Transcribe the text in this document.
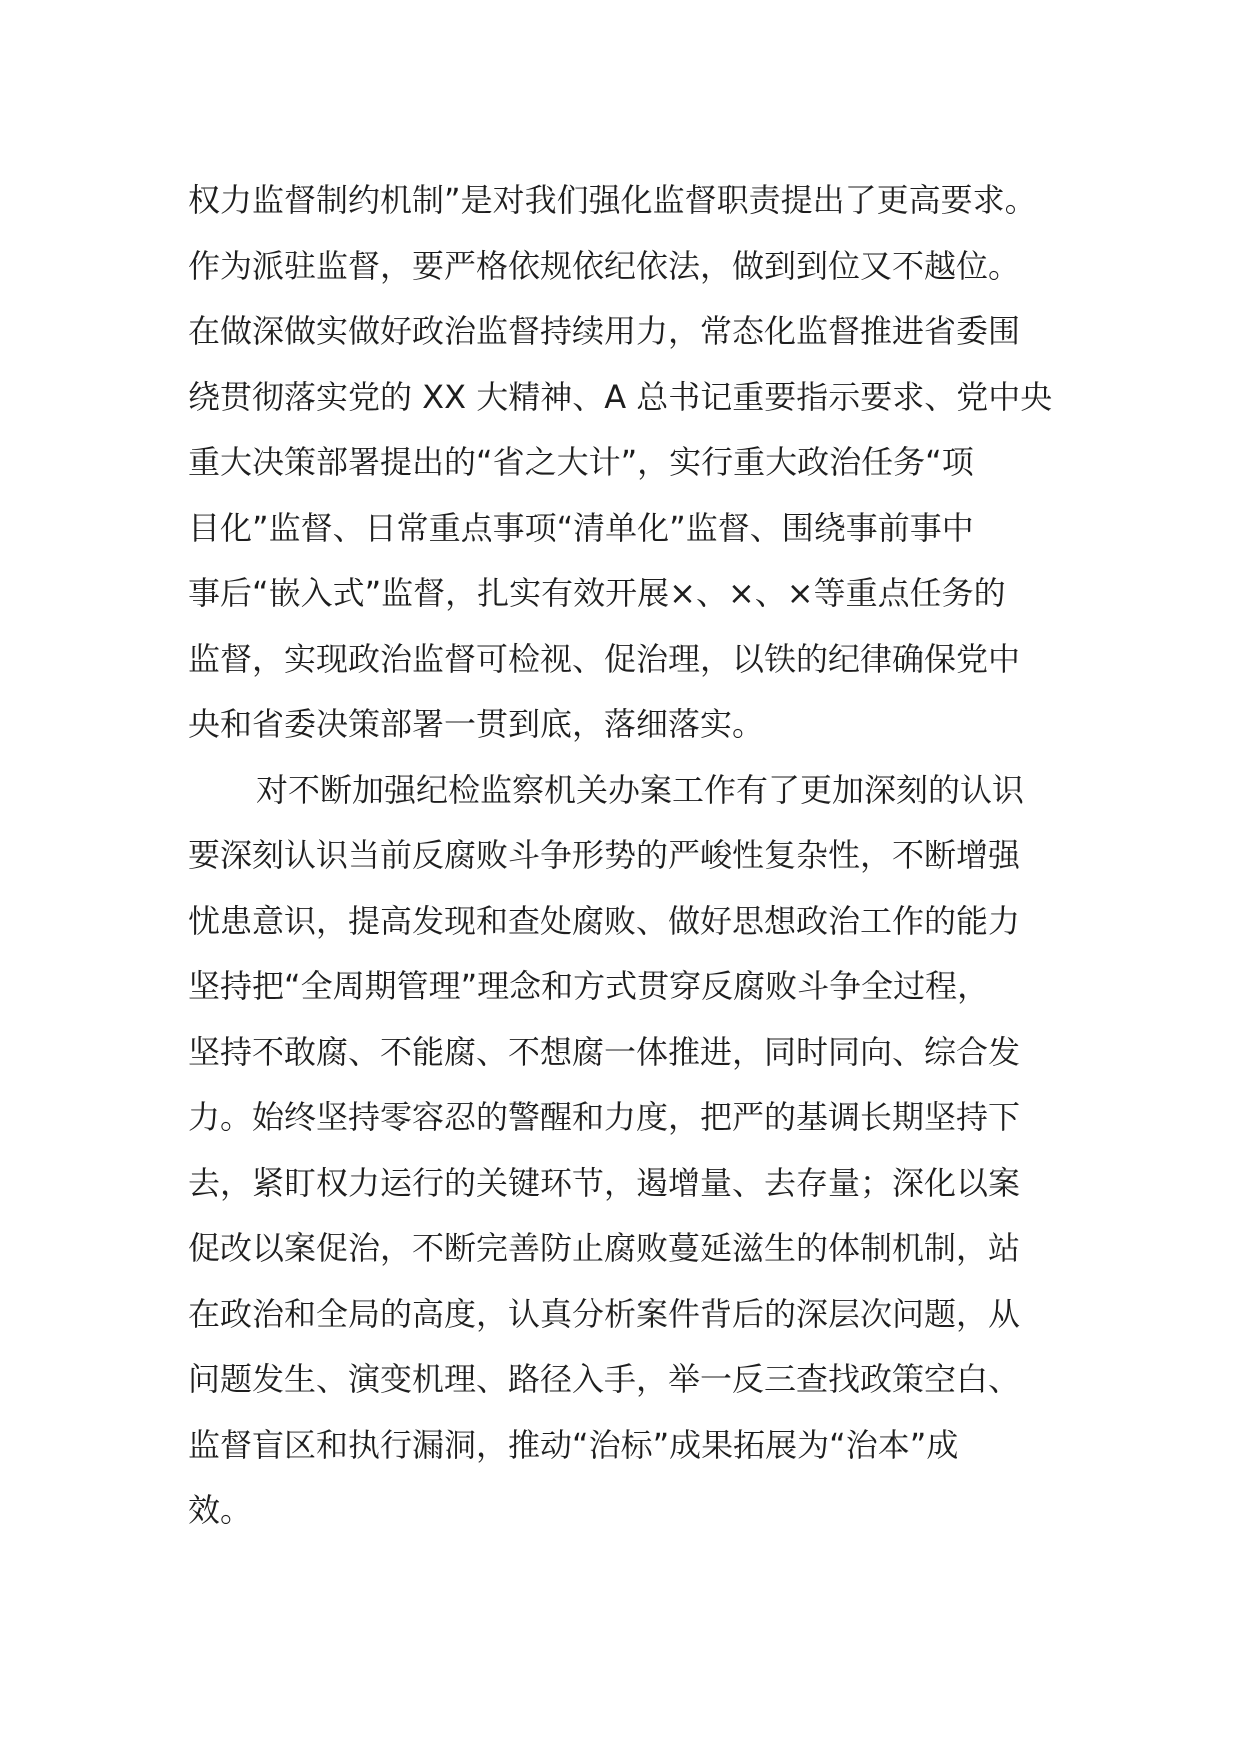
权力监督制约机制”是对我们强化监督职责提出了更高要求。
作为派驻监督，要严格依规依纪依法，做到到位又不越位。
在做深做实做好政治监督持续用力，常态化监督推进省委围
绕贯彻落实党的 XX 大精神、A 总书记重要指示要求、党中央
重大决策部署提出的“省之大计”，实行重大政治任务“项
目化”监督、日常重点事项“清单化”监督、围绕事前事中
事后“嵌入式”监督，扎实有效开展×、×、×等重点任务的
监督，实现政治监督可检视、促治理，以铁的纪律确保党中
央和省委决策部署一贯到底，落细落实。
对不断加强纪检监察机关办案工作有了更加深刻的认识
要深刻认识当前反腐败斗争形势的严峻性复杂性，不断增强
忧患意识，提高发现和查处腐败、做好思想政治工作的能力
坚持把“全周期管理”理念和方式贯穿反腐败斗争全过程，
坚持不敢腐、不能腐、不想腐一体推进，同时同向、综合发
力。始终坚持零容忍的警醒和力度，把严的基调长期坚持下
去，紧盯权力运行的关键环节，遏增量、去存量；深化以案
促改以案促治，不断完善防止腐败蔓延滋生的体制机制，站
在政治和全局的高度，认真分析案件背后的深层次问题，从
问题发生、演变机理、路径入手，举一反三查找政策空白、
监督盲区和执行漏洞，推动“治标”成果拓展为“治本”成
效。
